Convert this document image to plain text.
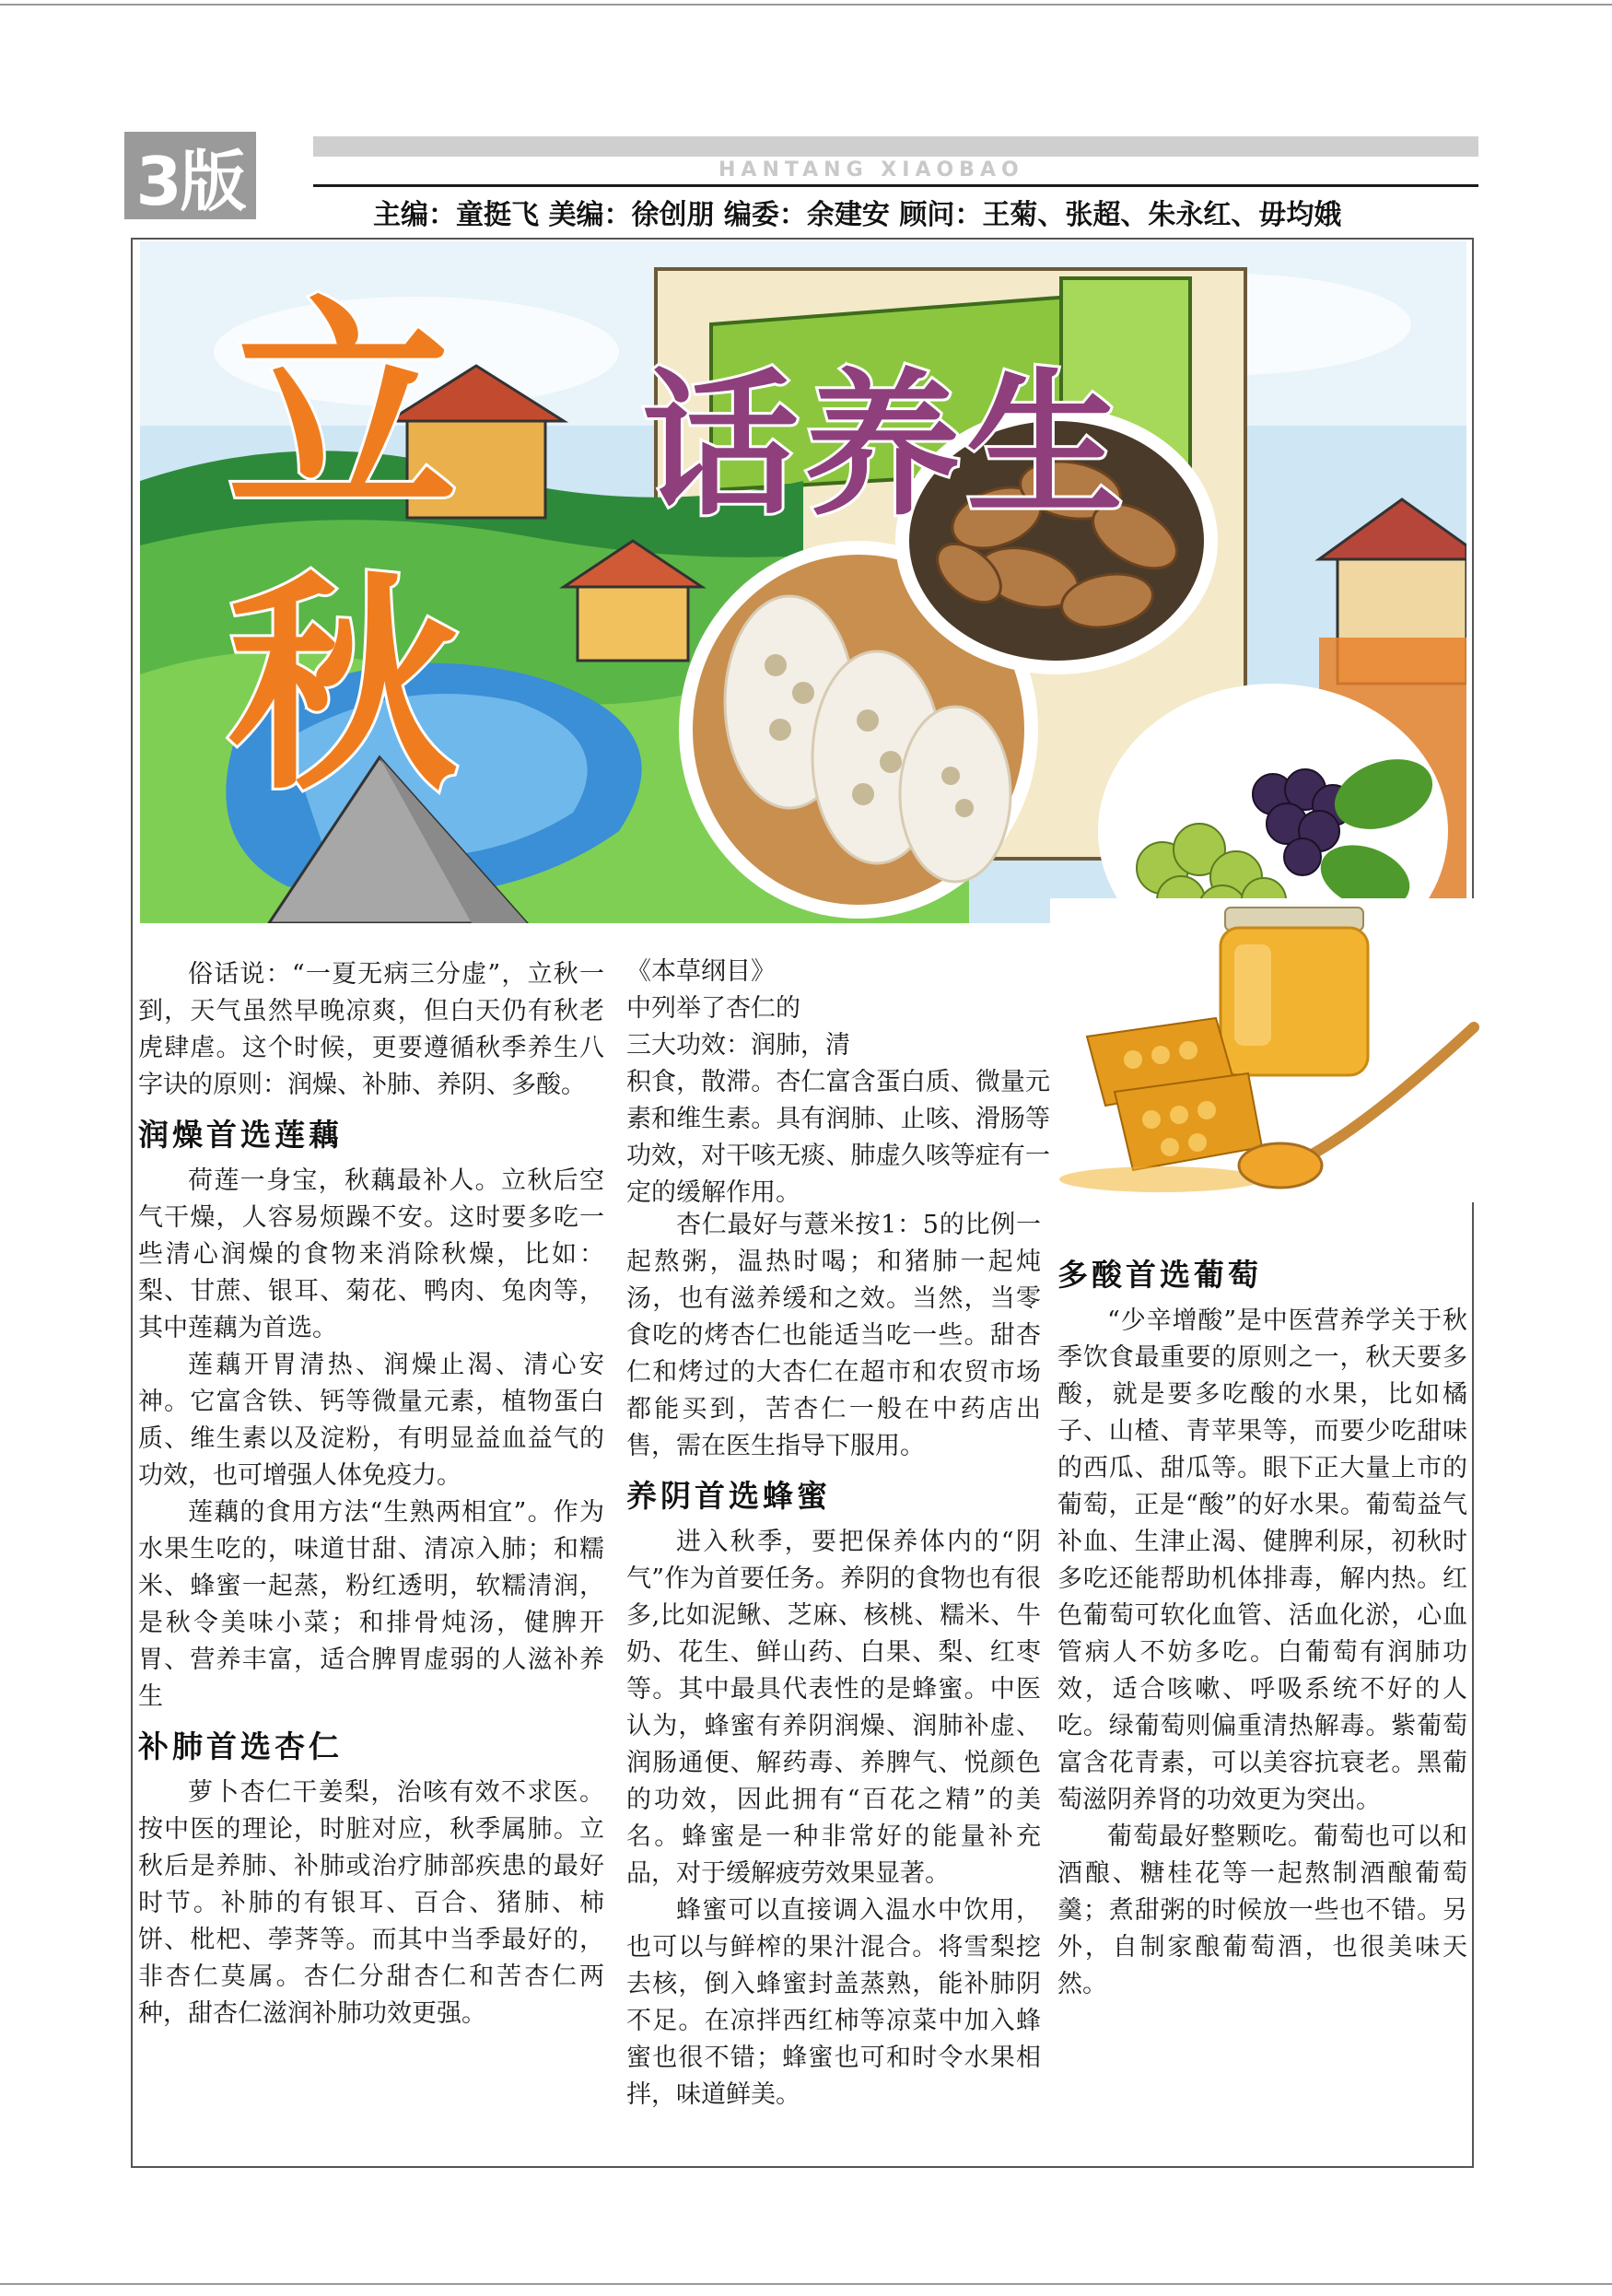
3版	HANTANG XIAOBAO
主编：童挺飞 美编：徐创朋 编委：余建安 顾问：王菊、张超、朱永红、毋均娥
立
秋
话养生

俗话说：“一夏无病三分虚”，立秋一到，天气虽然早晚凉爽，但白天仍有秋老虎肆虐。这个时候，更要遵循秋季养生八字诀的原则：润燥、补肺、养阴、多酸。

润燥首选莲藕

荷莲一身宝，秋藕最补人。立秋后空气干燥，人容易烦躁不安。这时要多吃一些清心润燥的食物来消除秋燥，比如：梨、甘蔗、银耳、菊花、鸭肉、兔肉等，其中莲藕为首选。

莲藕开胃清热、润燥止渴、清心安神。它富含铁、钙等微量元素，植物蛋白质、维生素以及淀粉，有明显益血益气的功效，也可增强人体免疫力。

莲藕的食用方法“生熟两相宜”。作为水果生吃的，味道甘甜、清凉入肺；和糯米、蜂蜜一起蒸，粉红透明，软糯清润，是秋令美味小菜；和排骨炖汤，健脾开胃、营养丰富，适合脾胃虚弱的人滋补养生

补肺首选杏仁

萝卜杏仁干姜梨，治咳有效不求医。按中医的理论，时脏对应，秋季属肺。立秋后是养肺、补肺或治疗肺部疾患的最好时节。补肺的有银耳、百合、猪肺、柿饼、枇杷、荸荠等。而其中当季最好的，非杏仁莫属。杏仁分甜杏仁和苦杏仁两种，甜杏仁滋润补肺功效更强。

《本草纲目》

中列举了杏仁的

三大功效：润肺，清

积食，散滞。杏仁富含蛋白质、微量元素和维生素。具有润肺、止咳、滑肠等功效，对干咳无痰、肺虚久咳等症有一定的缓解作用。

杏仁最好与薏米按1：5的比例一起熬粥，温热时喝；和猪肺一起炖汤，也有滋养缓和之效。当然，当零食吃的烤杏仁也能适当吃一些。甜杏仁和烤过的大杏仁在超市和农贸市场都能买到，苦杏仁一般在中药店出售，需在医生指导下服用。

养阴首选蜂蜜

进入秋季，要把保养体内的“阴气”作为首要任务。养阴的食物也有很多,比如泥鳅、芝麻、核桃、糯米、牛奶、花生、鲜山药、白果、梨、红枣等。其中最具代表性的是蜂蜜。中医认为，蜂蜜有养阴润燥、润肺补虚、润肠通便、解药毒、养脾气、悦颜色的功效，因此拥有“百花之精”的美名。蜂蜜是一种非常好的能量补充品，对于缓解疲劳效果显著。

蜂蜜可以直接调入温水中饮用，也可以与鲜榨的果汁混合。将雪梨挖去核，倒入蜂蜜封盖蒸熟，能补肺阴不足。在凉拌西红柿等凉菜中加入蜂蜜也很不错；蜂蜜也可和时令水果相拌，味道鲜美。

多酸首选葡萄

“少辛增酸”是中医营养学关于秋季饮食最重要的原则之一，秋天要多酸，就是要多吃酸的水果，比如橘子、山楂、青苹果等，而要少吃甜味的西瓜、甜瓜等。眼下正大量上市的葡萄，正是“酸”的好水果。葡萄益气补血、生津止渴、健脾利尿，初秋时多吃还能帮助机体排毒，解内热。红色葡萄可软化血管、活血化淤，心血管病人不妨多吃。白葡萄有润肺功效，适合咳嗽、呼吸系统不好的人吃。绿葡萄则偏重清热解毒。紫葡萄富含花青素，可以美容抗衰老。黑葡萄滋阴养肾的功效更为突出。

葡萄最好整颗吃。葡萄也可以和酒酿、糖桂花等一起熬制酒酿葡萄羹；煮甜粥的时候放一些也不错。另外，自制家酿葡萄酒，也很美味天然。
